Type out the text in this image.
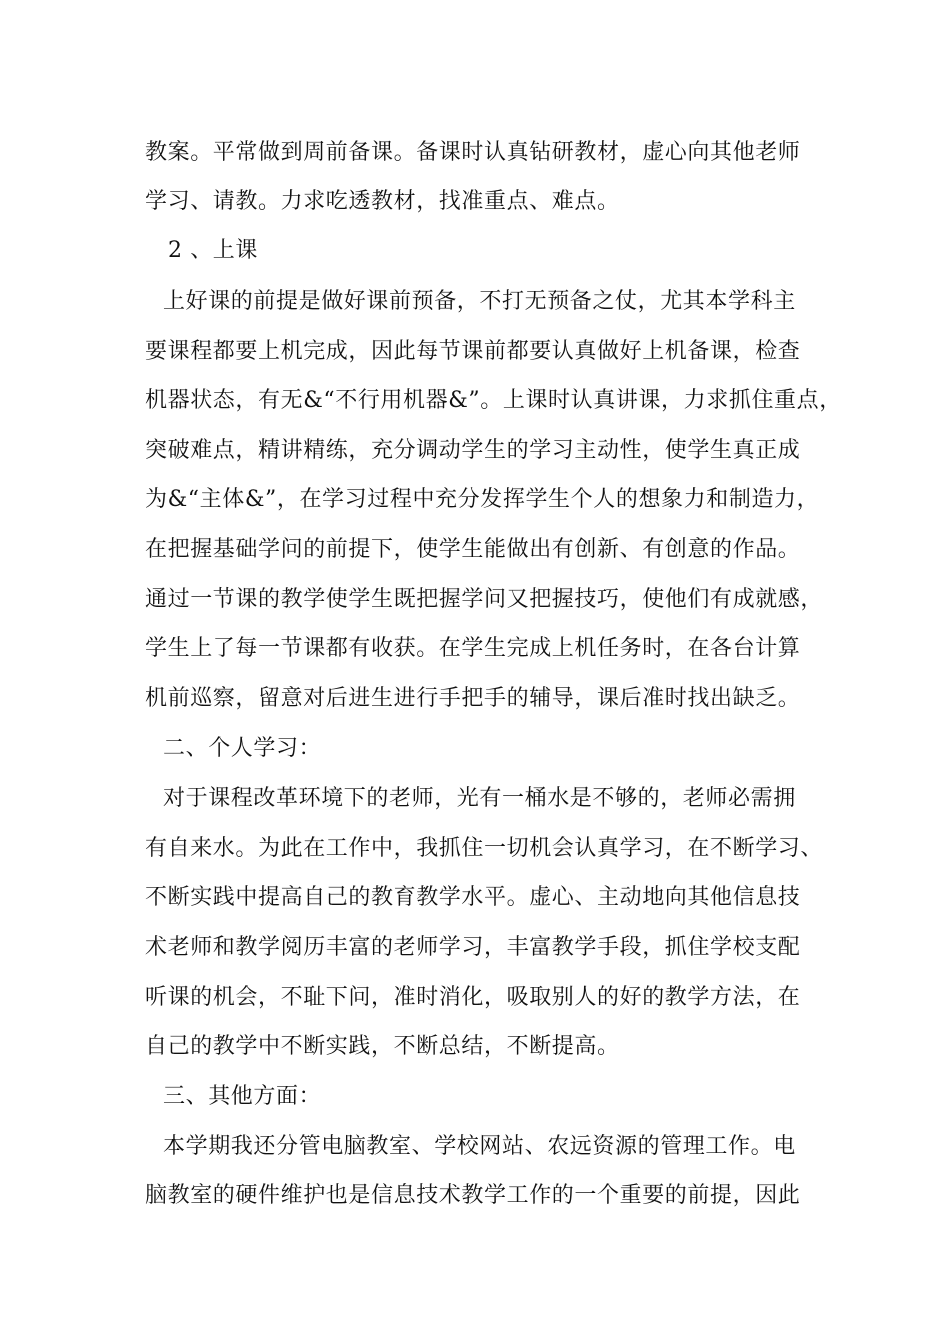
教案。平常做到周前备课。备课时认真钻研教材，虚心向其他老师
学习、请教。力求吃透教材，找准重点、难点。
2 、上课
上好课的前提是做好课前预备，不打无预备之仗，尤其本学科主
要课程都要上机完成，因此每节课前都要认真做好上机备课，检查
机器状态，有无&“不行用机器&”。上课时认真讲课，力求抓住重点，
突破难点，精讲精练，充分调动学生的学习主动性，使学生真正成
为&“主体&”，在学习过程中充分发挥学生个人的想象力和制造力，
在把握基础学问的前提下，使学生能做出有创新、有创意的作品。
通过一节课的教学使学生既把握学问又把握技巧，使他们有成就感，
学生上了每一节课都有收获。在学生完成上机任务时，在各台计算
机前巡察，留意对后进生进行手把手的辅导，课后准时找出缺乏。
二、个人学习：
对于课程改革环境下的老师，光有一桶水是不够的，老师必需拥
有自来水。为此在工作中，我抓住一切机会认真学习，在不断学习、
不断实践中提高自己的教育教学水平。虚心、主动地向其他信息技
术老师和教学阅历丰富的老师学习，丰富教学手段，抓住学校支配
听课的机会，不耻下问，准时消化，吸取别人的好的教学方法，在
自己的教学中不断实践，不断总结，不断提高。
三、其他方面：
本学期我还分管电脑教室、学校网站、农远资源的管理工作。电
脑教室的硬件维护也是信息技术教学工作的一个重要的前提，因此
